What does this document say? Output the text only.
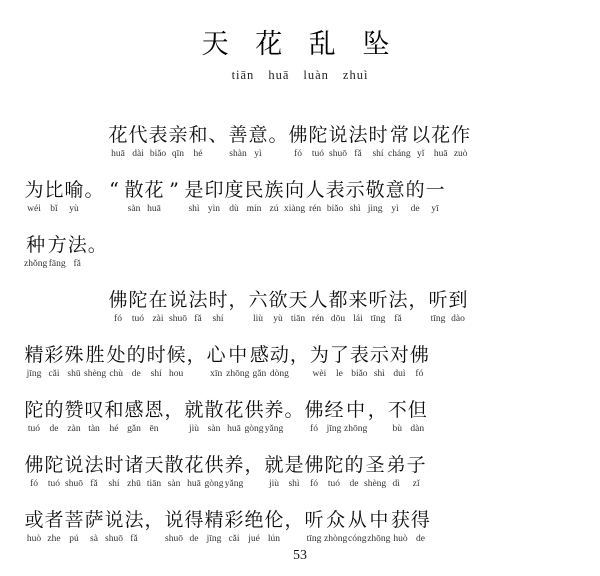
天 花 乱 坠
tiān huā luàn zhuì
花
huā
代
dài
表
biǎo
亲
qīn
和
hé
、 善
shàn
意
yì
。 佛
fó
陀
tuó
说
shuō
法
fǎ
时
shí
常
cháng
以
yǐ
花
huā
作
zuò
为
wéi
比
bǐ
喻
yù
。 “ 散
sàn
花
huā
” 是
shì
印
yìn
度
dù
民
mín
族
zú
向
xiàng
人
rén
表
biǎo
示
shì
敬
jìng
意
yì
的
de
一
yī
种
zhǒng
方
fāng
法
fǎ
。
佛
fó
陀
tuó
在
zài
说
shuō
法
fǎ
时
shí
， 六
liù
欲
yù
天
tiān
人
rén
都
dōu
来
lái
听
tīng
法
fǎ
， 听
tīng
到
dào
精
jīng
彩
cǎi
殊
shū
胜
shèng
处
chù
的
de
时
shí
候
hou
， 心
xīn
中
zhōng
感
gǎn
动
dòng
， 为
wèi
了
le
表
biǎo
示
shì
对
duì
佛
fó
陀
tuó
的
de
赞
zàn
叹
tàn
和
hé
感
gǎn
恩
ēn
， 就
jiù
散
sàn
花
huā
供
gòng
养
yǎng
。 佛
fó
经
jīng
中
zhōng
， 不
bù
但
dàn
佛
fó
陀
tuó
说
shuō
法
fǎ
时
shí
诸
zhū
天
tiān
散
sàn
花
huā
供
gòng
养
yǎng
， 就
jiù
是
shì
佛
fó
陀
tuó
的
de
圣
shèng
弟
dì
子
zǐ
或
huò
者
zhe
菩
pú
萨
sà
说
shuō
法
fǎ
， 说
shuō
得
de
精
jīng
彩
cǎi
绝
jué
伦
lún
， 听
tīng
众
zhòng
从
cóng
中
zhōng
获
huò
得
de
53
